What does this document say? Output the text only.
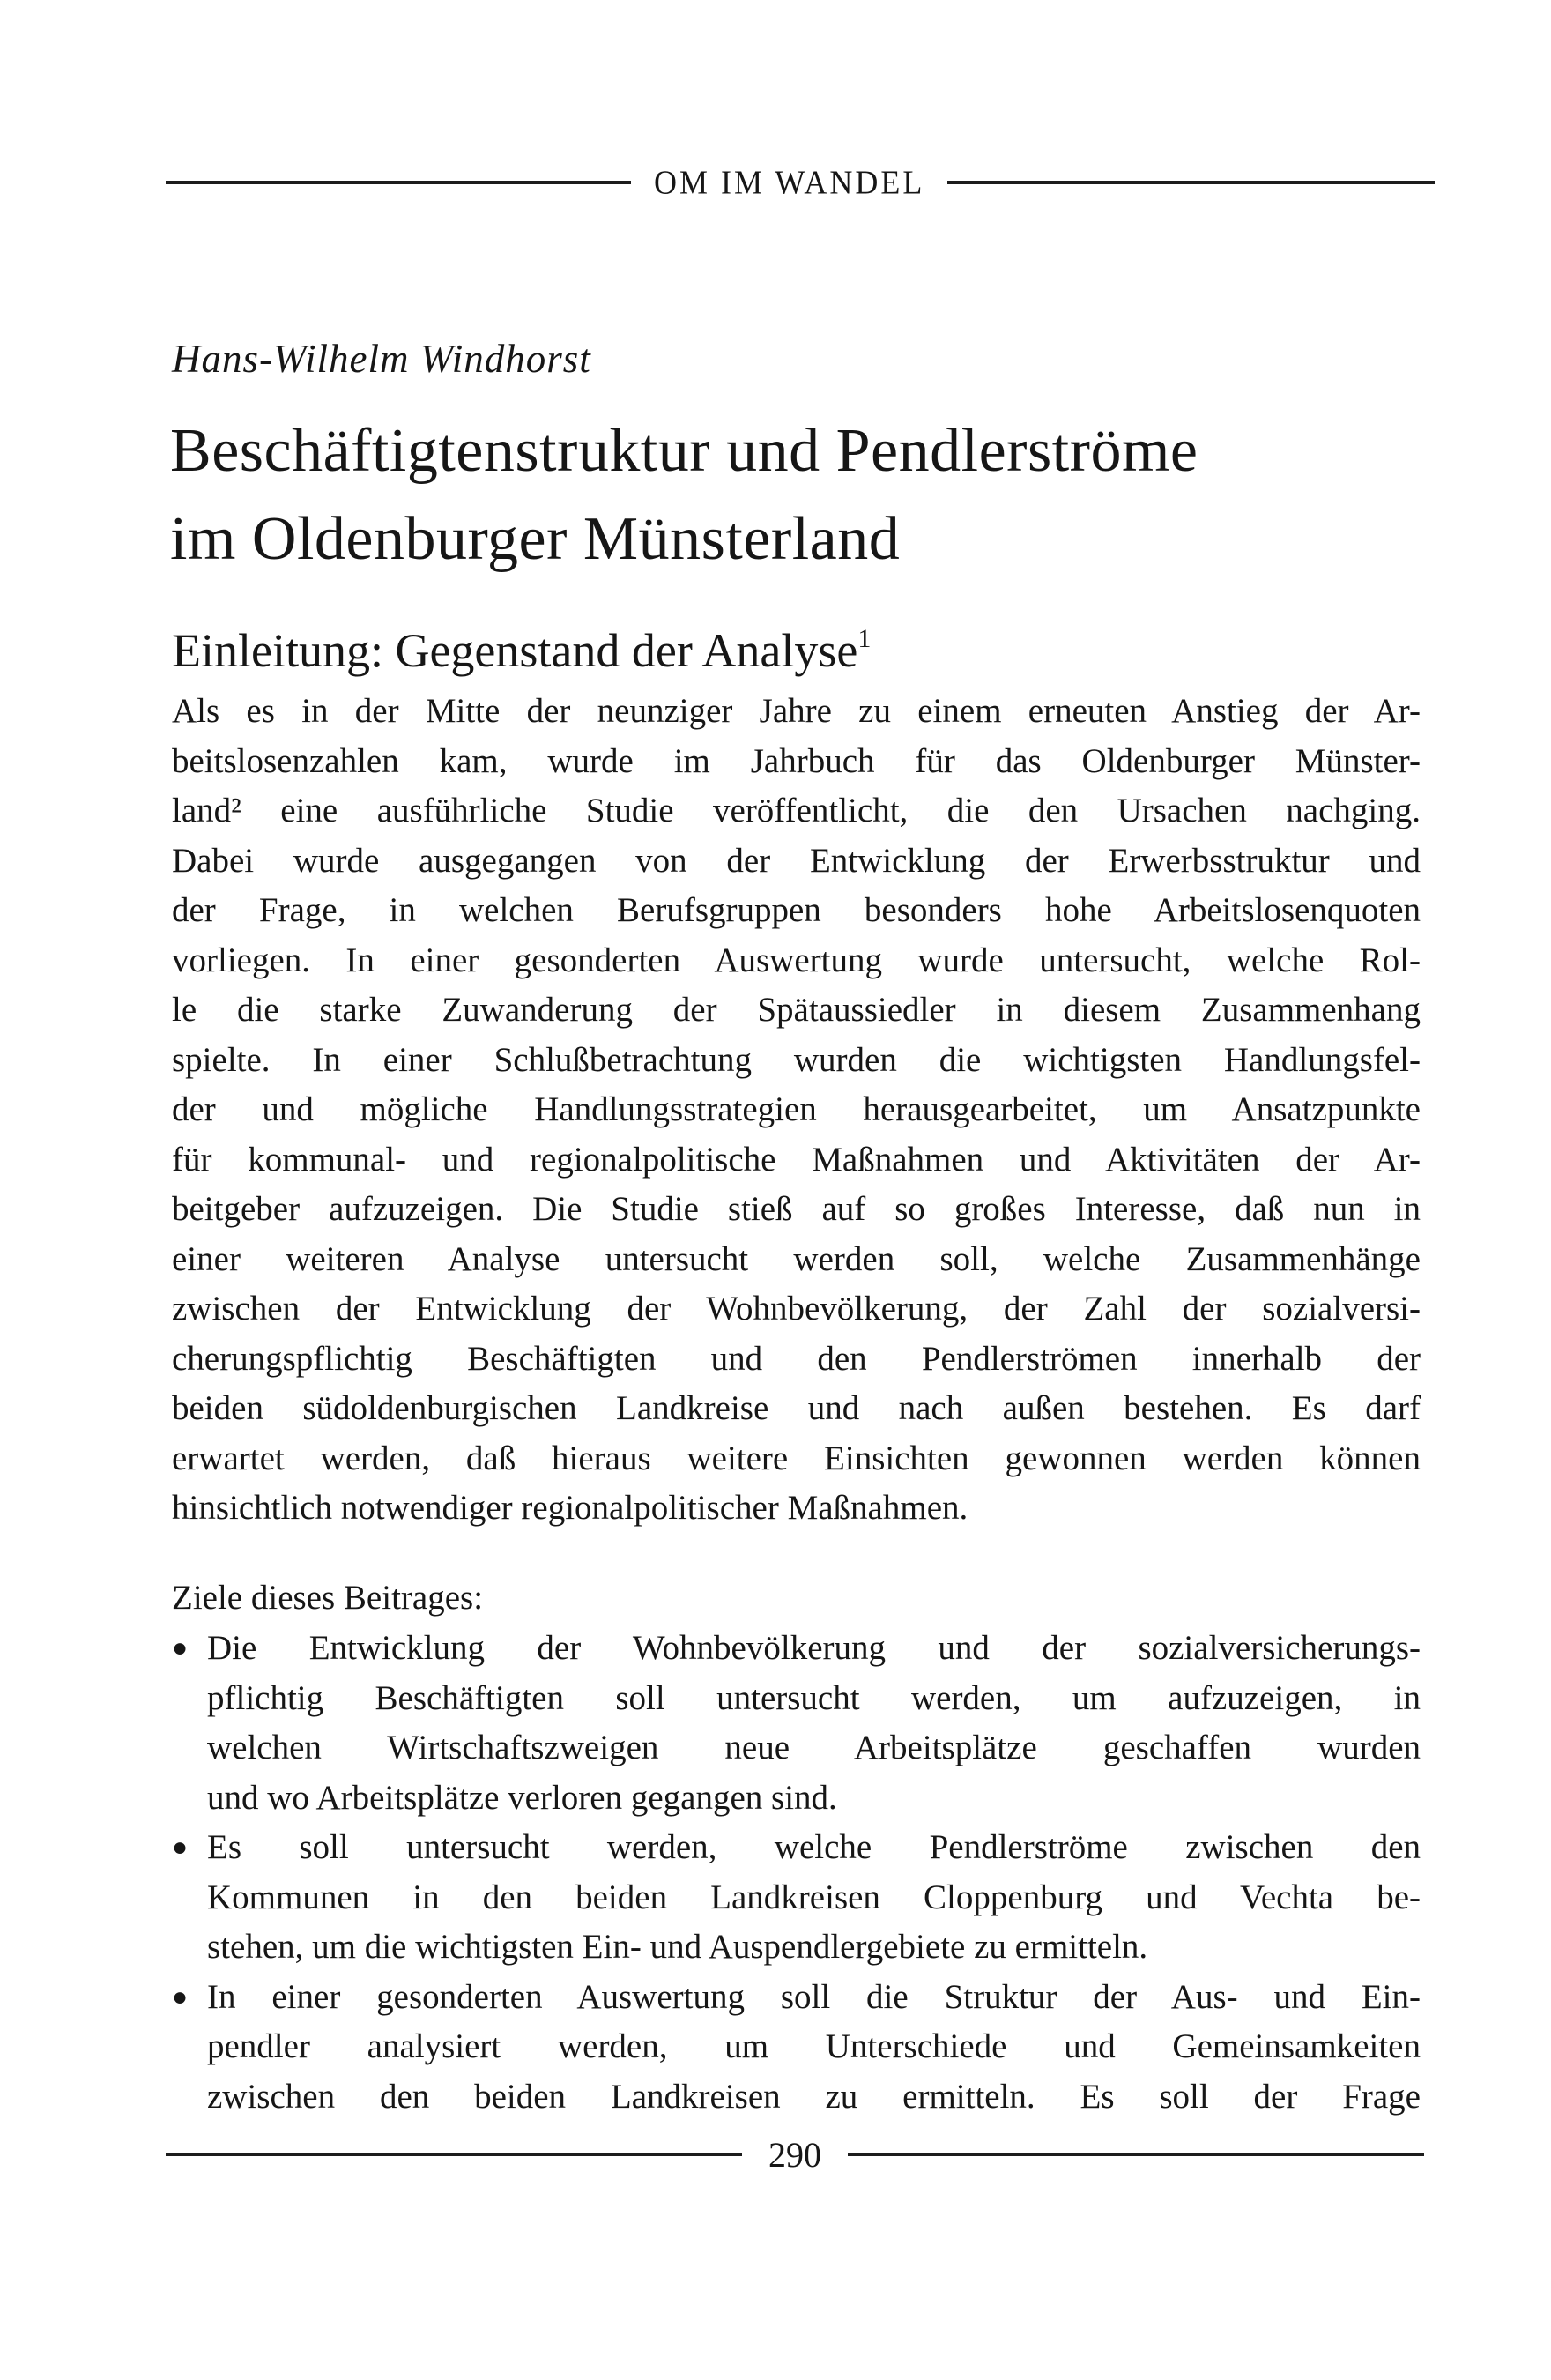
OM IM WANDEL
Hans-Wilhelm Windhorst
Beschäftigtenstruktur und Pendlerströme
im Oldenburger Münsterland
Einleitung: Gegenstand der Analyse$^1$
Als es in der Mitte der neunziger Jahre zu einem erneuten Anstieg der Ar-
beitslosenzahlen kam, wurde im Jahrbuch für das Oldenburger Münster-
land² eine ausführliche Studie veröffentlicht, die den Ursachen nachging.
Dabei wurde ausgegangen von der Entwicklung der Erwerbsstruktur und
der Frage, in welchen Berufsgruppen besonders hohe Arbeitslosenquoten
vorliegen. In einer gesonderten Auswertung wurde untersucht, welche Rol-
le die starke Zuwanderung der Spätaussiedler in diesem Zusammenhang
spielte. In einer Schlußbetrachtung wurden die wichtigsten Handlungsfel-
der und mögliche Handlungsstrategien herausgearbeitet, um Ansatzpunkte
für kommunal- und regionalpolitische Maßnahmen und Aktivitäten der Ar-
beitgeber aufzuzeigen. Die Studie stieß auf so großes Interesse, daß nun in
einer weiteren Analyse untersucht werden soll, welche Zusammenhänge
zwischen der Entwicklung der Wohnbevölkerung, der Zahl der sozialversi-
cherungspflichtig Beschäftigten und den Pendlerströmen innerhalb der
beiden südoldenburgischen Landkreise und nach außen bestehen. Es darf
erwartet werden, daß hieraus weitere Einsichten gewonnen werden können
hinsichtlich notwendiger regionalpolitischer Maßnahmen.
Ziele dieses Beitrages:
● Die Entwicklung der Wohnbevölkerung und der sozialversicherungs-
pflichtig Beschäftigten soll untersucht werden, um aufzuzeigen, in
welchen Wirtschaftszweigen neue Arbeitsplätze geschaffen wurden
und wo Arbeitsplätze verloren gegangen sind.
● Es soll untersucht werden, welche Pendlerströme zwischen den
Kommunen in den beiden Landkreisen Cloppenburg und Vechta be-
stehen, um die wichtigsten Ein- und Auspendlergebiete zu ermitteln.
● In einer gesonderten Auswertung soll die Struktur der Aus- und Ein-
pendler analysiert werden, um Unterschiede und Gemeinsamkeiten
zwischen den beiden Landkreisen zu ermitteln. Es soll der Frage
290
